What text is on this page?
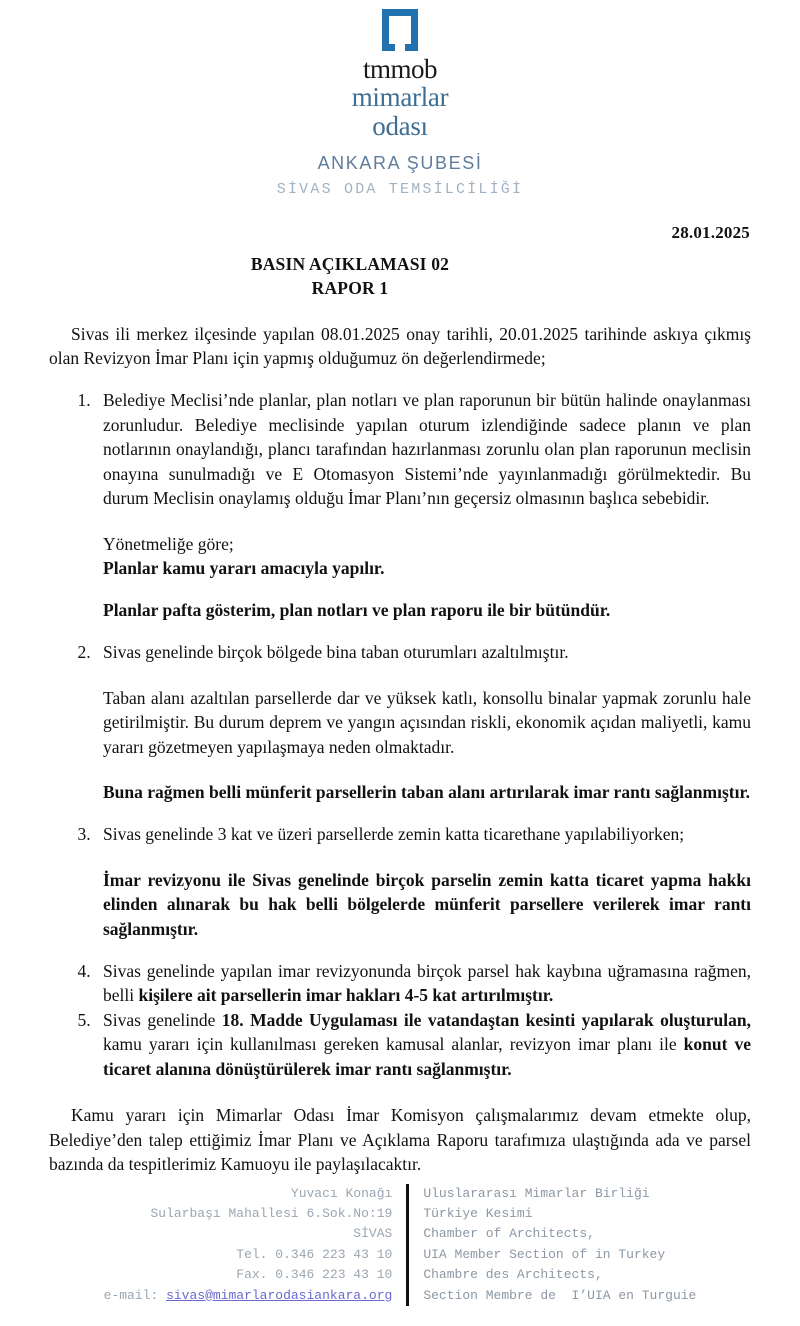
tmmob
mimarlar
odası
ANKARA ŞUBESİ
SİVAS ODA TEMSİLCİLİĞİ
28.01.2025
BASIN AÇIKLAMASI 02
RAPOR 1

Sivas ili merkez ilçesinde yapılan 08.01.2025 onay tarihli, 20.01.2025 tarihinde askıya çıkmış olan Revizyon İmar Planı için yapmış olduğumuz ön değerlendirmede;

1. Belediye Meclisi’nde planlar, plan notları ve plan raporunun bir bütün halinde onaylanması zorunludur. Belediye meclisinde yapılan oturum izlendiğinde sadece planın ve plan notlarının onaylandığı, plancı tarafından hazırlanması zorunlu olan plan raporunun meclisin onayına sunulmadığı ve E Otomasyon Sistemi’nde yayınlanmadığı görülmektedir. Bu durum Meclisin onaylamış olduğu İmar Planı’nın geçersiz olmasının başlıca sebebidir.

Yönetmeliğe göre;

Planlar kamu yararı amacıyla yapılır.

Planlar pafta gösterim, plan notları ve plan raporu ile bir bütündür.

2. Sivas genelinde birçok bölgede bina taban oturumları azaltılmıştır.

Taban alanı azaltılan parsellerde dar ve yüksek katlı, konsollu binalar yapmak zorunlu hale getirilmiştir. Bu durum deprem ve yangın açısından riskli, ekonomik açıdan maliyetli, kamu yararı gözetmeyen yapılaşmaya neden olmaktadır.

Buna rağmen belli münferit parsellerin taban alanı artırılarak imar rantı sağlanmıştır.

3. Sivas genelinde 3 kat ve üzeri parsellerde zemin katta ticarethane yapılabiliyorken;

İmar revizyonu ile Sivas genelinde birçok parselin zemin katta ticaret yapma hakkı elinden alınarak bu hak belli bölgelerde münferit parsellere verilerek imar rantı sağlanmıştır.

4. Sivas genelinde yapılan imar revizyonunda birçok parsel hak kaybına uğramasına rağmen, belli kişilere ait parsellerin imar hakları 4-5 kat artırılmıştır.

5. Sivas genelinde 18. Madde Uygulaması ile vatandaştan kesinti yapılarak oluşturulan, kamu yararı için kullanılması gereken kamusal alanlar, revizyon imar planı ile konut ve ticaret alanına dönüştürülerek imar rantı sağlanmıştır.

Kamu yararı için Mimarlar Odası İmar Komisyon çalışmalarımız devam etmekte olup, Belediye’den talep ettiğimiz İmar Planı ve Açıklama Raporu tarafımıza ulaştığında ada ve parsel bazında da tespitlerimiz Kamuoyu ile paylaşılacaktır.

Yuvacı Konağı
Sularbaşı Mahallesi 6.Sok.No:19
SİVAS
Tel. 0.346 223 43 10
Fax. 0.346 223 43 10
e-mail: sivas@mimarlarodasiankara.org
Uluslararası Mimarlar Birliği
Türkiye Kesimi
Chamber of Architects,
UIA Member Section of in Turkey
Chambre des Architects,
Section Membre de  I’UIA en Turguie
